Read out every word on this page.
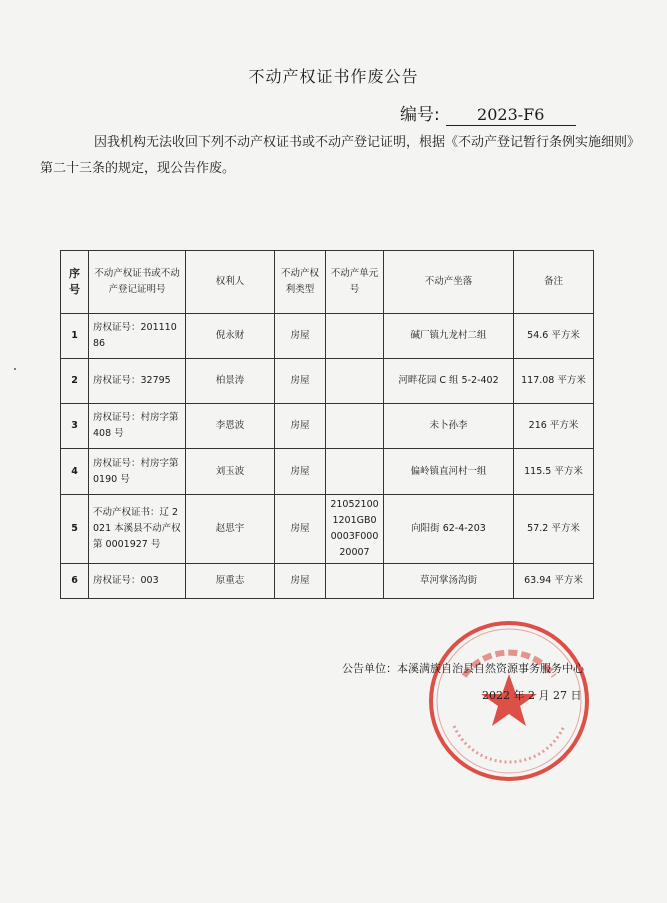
不动产权证书作废公告
编号:	2023-F6
因我机构无法收回下列不动产权证书或不动产登记证明，根据《不动产登记暂行条例实施细则》
第二十三条的规定，现公告作废。
序号	不动产权证书或不动产登记证明号	权利人	不动产权利类型	不动产单元号	不动产坐落	备注
1	房权证号：20111086	倪永财	房屋		碱厂镇九龙村二组	54.6 平方米
2	房权证号：32795	柏景涛	房屋		河畔花园 C 组 5-2-402	117.08 平方米
3	房权证号：村房字第 408 号	李恩波	房屋		未卜孙李	216 平方米
4	房权证号：村房字第 0190 号	刘玉波	房屋		偏岭镇直河村一组	115.5 平方米
5	不动产权证书：辽 2021 本溪县不动产权第 0001927 号	赵思宇	房屋	210521001201GB00003F00020007	向阳街 62-4-203	57.2 平方米
6	房权证号：003	原重志	房屋		草河掌汤沟街	63.94 平方米
公告单位：本溪满族自治县自然资源事务服务中心
2022 年 2 月 27 日
